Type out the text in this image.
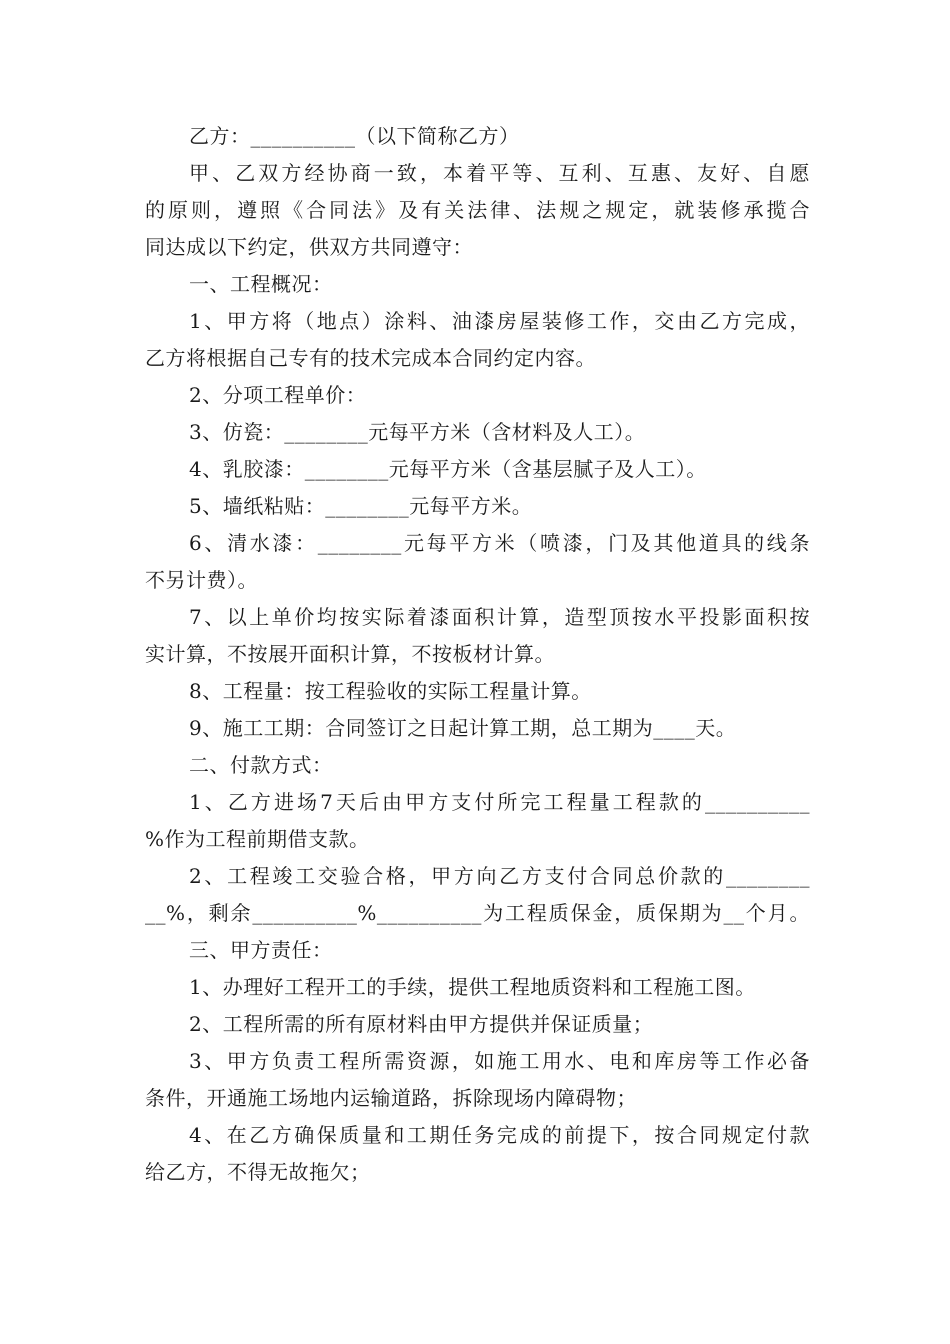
乙方：__________（以下简称乙方）
甲、乙双方经协商一致，本着平等、互利、互惠、友好、自愿
的原则，遵照《合同法》及有关法律、法规之规定，就装修承揽合
同达成以下约定，供双方共同遵守：
一、工程概况：
1、甲方将（地点）涂料、油漆房屋装修工作，交由乙方完成，
乙方将根据自己专有的技术完成本合同约定内容。
2、分项工程单价：
3、仿瓷：________元每平方米（含材料及人工）。
4、乳胶漆：________元每平方米（含基层腻子及人工）。
5、墙纸粘贴：________元每平方米。
6、清水漆：________元每平方米（喷漆，门及其他道具的线条
不另计费）。
7、以上单价均按实际着漆面积计算，造型顶按水平投影面积按
实计算，不按展开面积计算，不按板材计算。
8、工程量：按工程验收的实际工程量计算。
9、施工工期：合同签订之日起计算工期，总工期为____天。
二、付款方式：
1、乙方进场7天后由甲方支付所完工程量工程款的__________
%作为工程前期借支款。
2、工程竣工交验合格，甲方向乙方支付合同总价款的________
__%，剩余__________%__________为工程质保金，质保期为__个月。
三、甲方责任：
1、办理好工程开工的手续，提供工程地质资料和工程施工图。
2、工程所需的所有原材料由甲方提供并保证质量；
3、甲方负责工程所需资源，如施工用水、电和库房等工作必备
条件，开通施工场地内运输道路，拆除现场内障碍物；
4、在乙方确保质量和工期任务完成的前提下，按合同规定付款
给乙方，不得无故拖欠；
